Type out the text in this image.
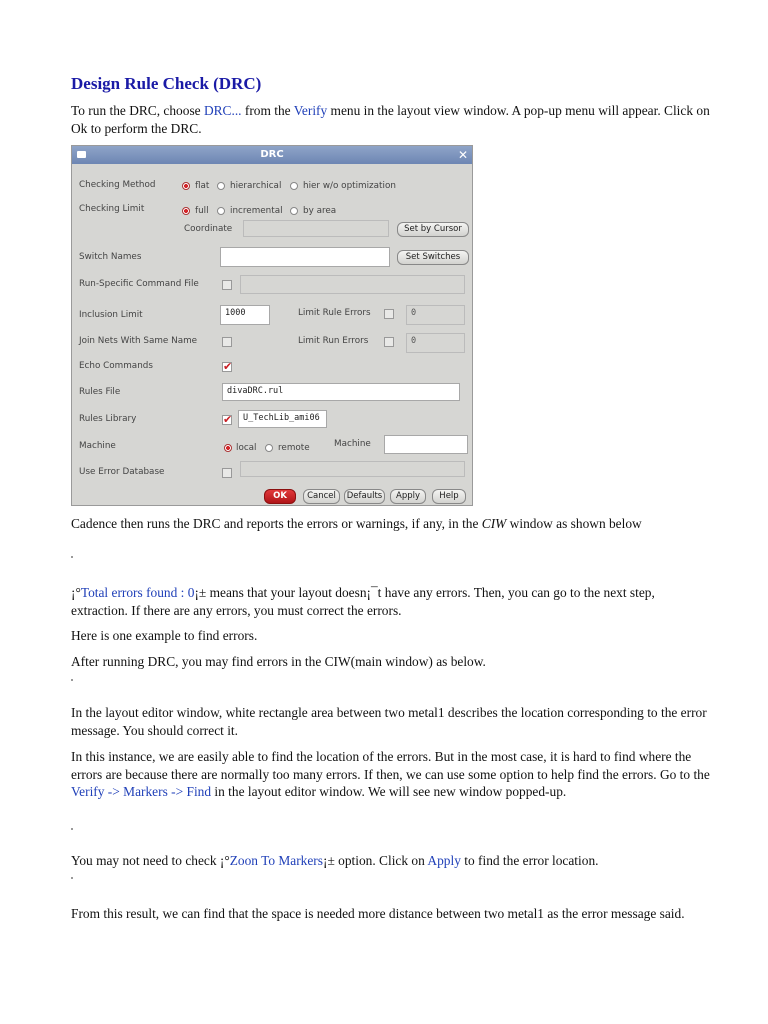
Design Rule Check (DRC)
To run the DRC, choose DRC... from the Verify menu in the layout view window. A pop-up menu will appear. Click on Ok to perform the DRC.
DRC	✕
Checking Method	flat hierarchical hier w/o optimization
Checking Limit	full incremental by area
Coordinate	Set by Cursor
Switch Names	Set Switches
Run-Specific Command File
Inclusion Limit	1000	Limit Rule Errors	0
Join Nets With Same Name	Limit Run Errors	0
Echo Commands
✔
Rules File	divaDRC.rul
Rules Library
✔	U_TechLib_ami06
Machine	local remote	Machine
Use Error Database
OK	Cancel	Defaults	Apply	Help
Cadence then runs the DRC and reports the errors or warnings, if any, in the CIW window as shown below
¡°Total errors found : 0¡± means that your layout doesn¡¯t have any errors. Then, you can go to the next step, extraction. If there are any errors, you must correct the errors.
Here is one example to find errors.
After running DRC, you may find errors in the CIW(main window) as below.
In the layout editor window, white rectangle area between two metal1 describes the location corresponding to the error message. You should correct it.
In this instance, we are easily able to find the location of the errors. But in the most case, it is hard to find where the errors are because there are normally too many errors. If then, we can use some option to help find the errors. Go to the Verify -> Markers -> Find in the layout editor window. We will see new window popped-up.
You may not need to check ¡°Zoon To Markers¡± option. Click on Apply to find the error location.
From this result, we can find that the space is needed more distance between two metal1 as the error message said.
